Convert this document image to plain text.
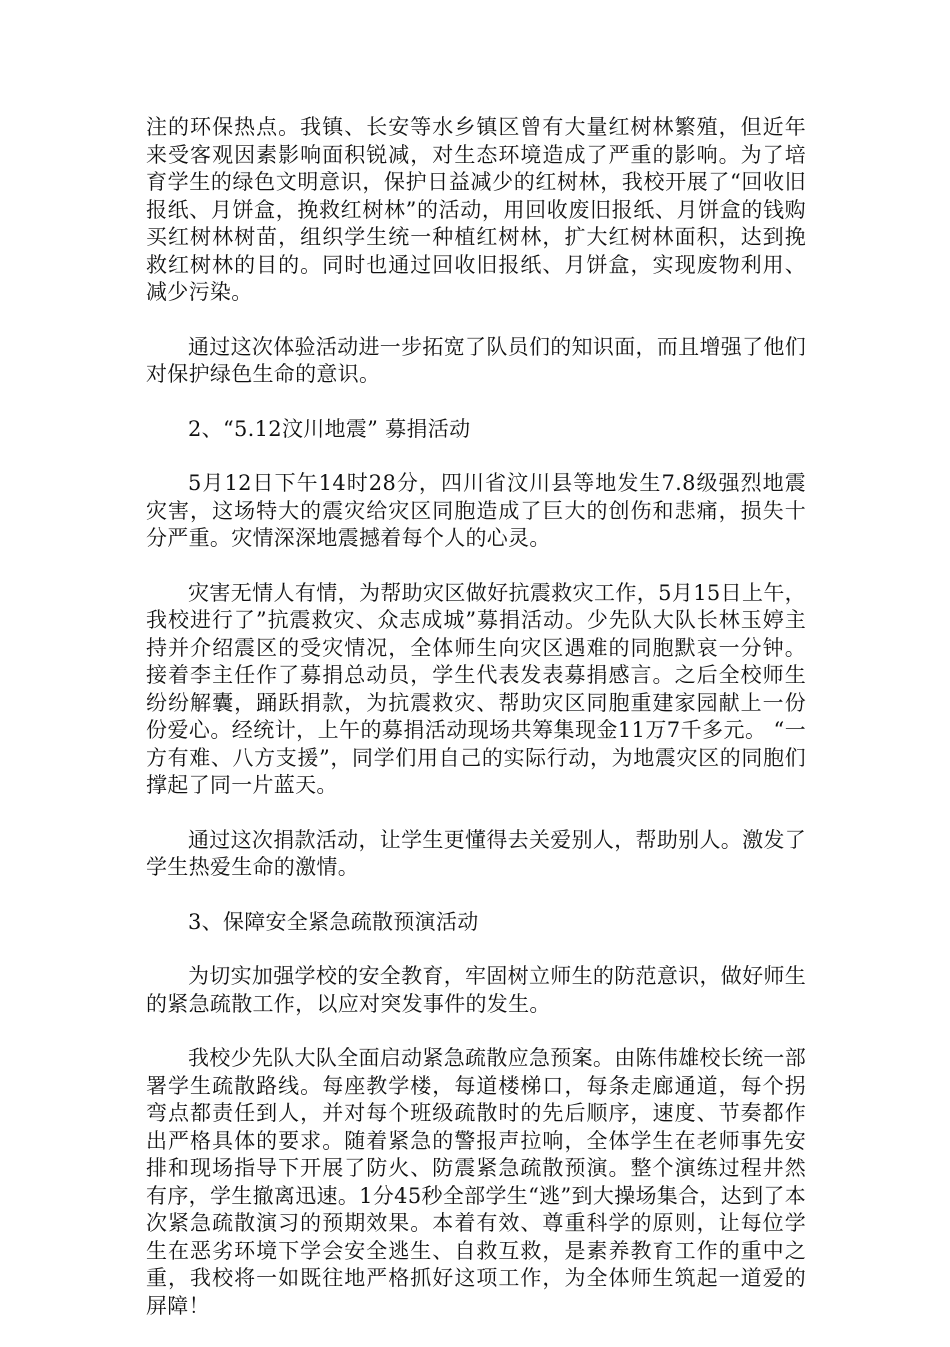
注的环保热点。我镇、长安等水乡镇区曾有大量红树林繁殖，但近年来受客观因素影响面积锐减，对生态环境造成了严重的影响。为了培育学生的绿色文明意识，保护日益减少的红树林，我校开展了“回收旧报纸、月饼盒，挽救红树林”的活动，用回收废旧报纸、月饼盒的钱购买红树林树苗，组织学生统一种植红树林，扩大红树林面积，达到挽救红树林的目的。同时也通过回收旧报纸、月饼盒，实现废物利用、减少污染。

通过这次体验活动进一步拓宽了队员们的知识面，而且增强了他们对保护绿色生命的意识。

2、“5.12汶川地震” 募捐活动

5月12日下午14时28分，四川省汶川县等地发生7.8级强烈地震灾害，这场特大的震灾给灾区同胞造成了巨大的创伤和悲痛，损失十分严重。灾情深深地震撼着每个人的心灵。

灾害无情人有情，为帮助灾区做好抗震救灾工作，5月15日上午，我校进行了”抗震救灾、众志成城”募捐活动。少先队大队长林玉婷主持并介绍震区的受灾情况，全体师生向灾区遇难的同胞默哀一分钟。接着李主任作了募捐总动员，学生代表发表募捐感言。之后全校师生纷纷解囊，踊跃捐款，为抗震救灾、帮助灾区同胞重建家园献上一份份爱心。经统计，上午的募捐活动现场共筹集现金11万7千多元。 “一方有难、八方支援”，同学们用自己的实际行动，为地震灾区的同胞们撑起了同一片蓝天。

通过这次捐款活动，让学生更懂得去关爱别人，帮助别人。激发了学生热爱生命的激情。

3、保障安全紧急疏散预演活动

为切实加强学校的安全教育，牢固树立师生的防范意识，做好师生的紧急疏散工作，以应对突发事件的发生。

我校少先队大队全面启动紧急疏散应急预案。由陈伟雄校长统一部署学生疏散路线。每座教学楼，每道楼梯口，每条走廊通道，每个拐弯点都责任到人，并对每个班级疏散时的先后顺序，速度、节奏都作出严格具体的要求。随着紧急的警报声拉响，全体学生在老师事先安排和现场指导下开展了防火、防震紧急疏散预演。整个演练过程井然有序，学生撤离迅速。1分45秒全部学生“逃”到大操场集合，达到了本次紧急疏散演习的预期效果。本着有效、尊重科学的原则，让每位学生在恶劣环境下学会安全逃生、自救互救，是素养教育工作的重中之重，我校将一如既往地严格抓好这项工作，为全体师生筑起一道爱的屏障！
